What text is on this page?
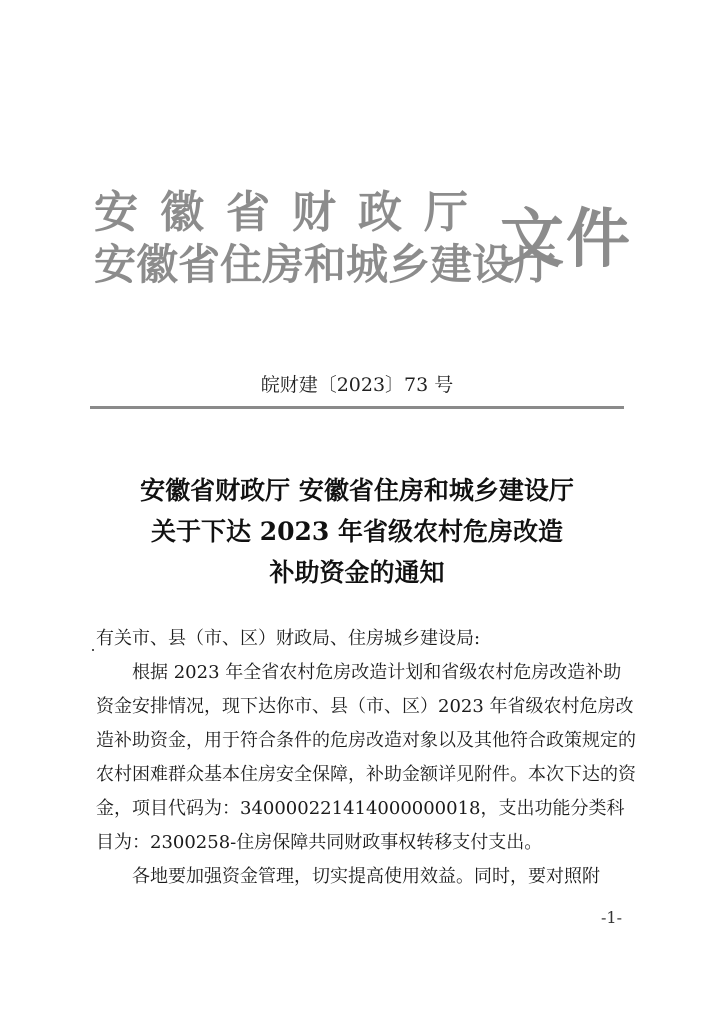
安徽省财政厅
安徽省住房和城乡建设厅
文件
皖财建〔2023〕73 号
安徽省财政厅 安徽省住房和城乡建设厅
关于下达 2023 年省级农村危房改造
补助资金的通知

有关市、县（市、区）财政局、住房城乡建设局:

根据 2023 年全省农村危房改造计划和省级农村危房改造补助资金安排情况，现下达你市、县（市、区）2023 年省级农村危房改造补助资金，用于符合条件的危房改造对象以及其他符合政策规定的农村困难群众基本住房安全保障，补助金额详见附件。本次下达的资金，项目代码为：340000221414000000018，支出功能分类科目为：2300258-住房保障共同财政事权转移支付支出。

各地要加强资金管理，切实提高使用效益。同时，要对照附

-1-
